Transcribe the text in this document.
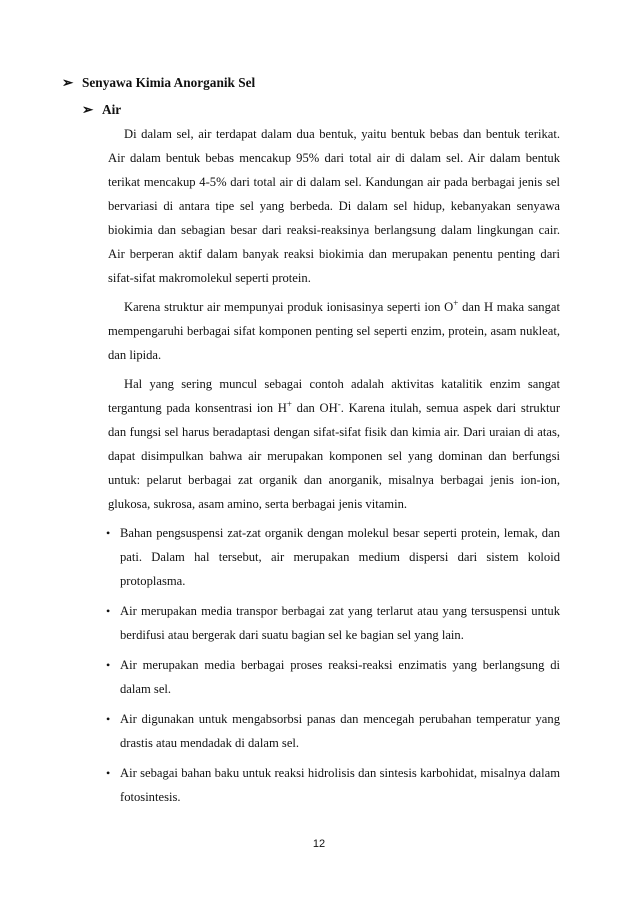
➢ Senyawa Kimia Anorganik Sel
➢ Air

Di dalam sel, air terdapat dalam dua bentuk, yaitu bentuk bebas dan bentuk terikat. Air dalam bentuk bebas mencakup 95% dari total air di dalam sel. Air dalam bentuk terikat mencakup 4-5% dari total air di dalam sel. Kandungan air pada berbagai jenis sel bervariasi di antara tipe sel yang berbeda. Di dalam sel hidup, kebanyakan senyawa biokimia dan sebagian besar dari reaksi-reaksinya berlangsung dalam lingkungan cair. Air berperan aktif dalam banyak reaksi biokimia dan merupakan penentu penting dari sifat-sifat makromolekul seperti protein.

Karena struktur air mempunyai produk ionisasinya seperti ion O+ dan H maka sangat mempengaruhi berbagai sifat komponen penting sel seperti enzim, protein, asam nukleat, dan lipida.

Hal yang sering muncul sebagai contoh adalah aktivitas katalitik enzim sangat tergantung pada konsentrasi ion H+ dan OH-. Karena itulah, semua aspek dari struktur dan fungsi sel harus beradaptasi dengan sifat-sifat fisik dan kimia air. Dari uraian di atas, dapat disimpulkan bahwa air merupakan komponen sel yang dominan dan berfungsi untuk: pelarut berbagai zat organik dan anorganik, misalnya berbagai jenis ion-ion, glukosa, sukrosa, asam amino, serta berbagai jenis vitamin.

• Bahan pengsuspensi zat-zat organik dengan molekul besar seperti protein, lemak, dan pati. Dalam hal tersebut, air merupakan medium dispersi dari sistem koloid protoplasma.
• Air merupakan media transpor berbagai zat yang terlarut atau yang tersuspensi untuk berdifusi atau bergerak dari suatu bagian sel ke bagian sel yang lain.
• Air merupakan media berbagai proses reaksi-reaksi enzimatis yang berlangsung di dalam sel.
• Air digunakan untuk mengabsorbsi panas dan mencegah perubahan temperatur yang drastis atau mendadak di dalam sel.
• Air sebagai bahan baku untuk reaksi hidrolisis dan sintesis karbohidat, misalnya dalam fotosintesis.
12
